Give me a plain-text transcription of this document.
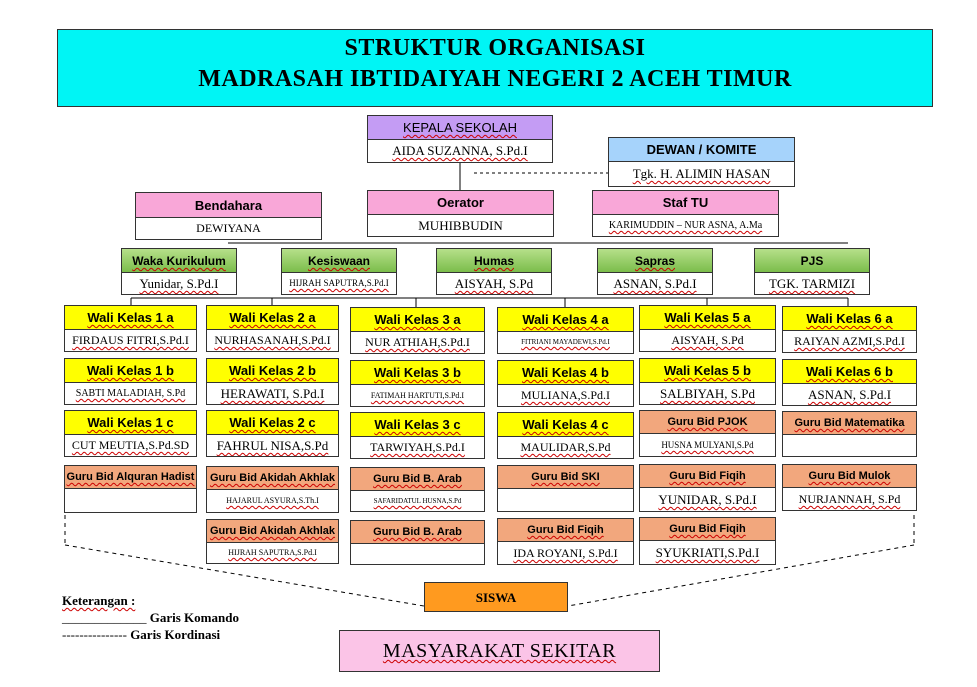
STRUKTUR ORGANISASI
MADRASAH IBTIDAIYAH NEGERI 2 ACEH TIMUR
KEPALA SEKOLAH
AIDA SUZANNA, S.Pd.I	DEWAN / KOMITE
Tgk. H. ALIMIN HASAN
Bendahara
DEWIYANA
Oerator
MUHIBBUDIN
Staf TU
KARIMUDDIN – NUR ASNA, A.Ma
Waka Kurikulum
Yunidar, S.Pd.I
Kesiswaan
HIJRAH SAPUTRA,S.Pd.I
Humas
AISYAH, S.Pd
Sapras
ASNAN, S.Pd.I
PJS
TGK. TARMIZI
Wali Kelas 1 a
FIRDAUS FITRI,S.Pd.I
Wali Kelas 1 b
SABTI MALADIAH, S.Pd
Wali Kelas 1 c
CUT MEUTIA,S.Pd.SD
Wali Kelas 2 a
NURHASANAH,S.Pd.I
Wali Kelas 2 b
HERAWATI, S.Pd.I
Wali Kelas 2 c
FAHRUL NISA,S.Pd
Wali Kelas 3 a
NUR ATHIAH,S.Pd.I
Wali Kelas 3 b
FATIMAH HARTUTI,S.Pd.I
Wali Kelas 3 c
TARWIYAH,S.Pd.I
Wali Kelas 4 a
FITRIANI MAYADEWI,S.Pd.I
Wali Kelas 4 b
MULIANA,S.Pd.I
Wali Kelas 4 c
MAULIDAR,S.Pd
Wali Kelas 5 a
AISYAH, S.Pd
Wali Kelas 5 b
SALBIYAH, S.Pd
Wali Kelas 6 a
RAIYAN AZMI,S.Pd.I
Wali Kelas 6 b
ASNAN, S.Pd.I
Guru Bid Alquran Hadist Guru Bid Akidah Akhlak
HAJARUL ASYURA,S.Th.I
Guru Bid Akidah Akhlak
HIJRAH SAPUTRA,S.Pd.I
Guru Bid B. Arab
SAFARIDATUL HUSNA,S.Pd
Guru Bid B. Arab
Guru Bid SKI
Guru Bid Fiqih
IDA ROYANI, S.Pd.I
Guru Bid PJOK
HUSNA MULYANI,S.Pd
Guru Bid Fiqih
YUNIDAR, S.Pd.I
Guru Bid Fiqih
SYUKRIATI,S.Pd.I
Guru Bid Matematika
Guru Bid Mulok
NURJANNAH, S.Pd
SISWA
MASYARAKAT SEKITAR
Keterangan :
_____________ Garis Komando
--------------- Garis Kordinasi
